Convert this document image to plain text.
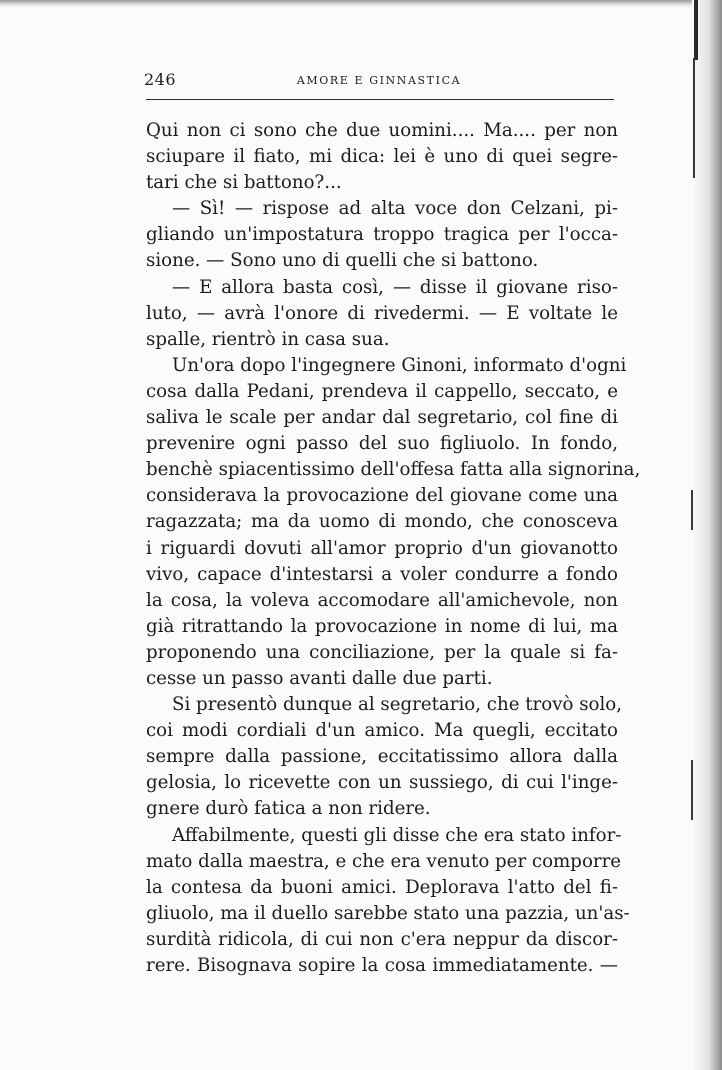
246	AMORE E GINNASTICA
Qui non ci sono che due uomini.... Ma.... per non
sciupare il fiato, mi dica: lei è uno di quei segre-
tari che si battono?...
— Sì! — rispose ad alta voce don Celzani, pi-
gliando un'impostatura troppo tragica per l'occa-
sione. — Sono uno di quelli che si battono.
— E allora basta così, — disse il giovane riso-
luto, — avrà l'onore di rivedermi. — E voltate le
spalle, rientrò in casa sua.
Un'ora dopo l'ingegnere Ginoni, informato d'ogni
cosa dalla Pedani, prendeva il cappello, seccato, e
saliva le scale per andar dal segretario, col fine di
prevenire ogni passo del suo figliuolo. In fondo,
benchè spiacentissimo dell'offesa fatta alla signorina,
considerava la provocazione del giovane come una
ragazzata; ma da uomo di mondo, che conosceva
i riguardi dovuti all'amor proprio d'un giovanotto
vivo, capace d'intestarsi a voler condurre a fondo
la cosa, la voleva accomodare all'amichevole, non
già ritrattando la provocazione in nome di lui, ma
proponendo una conciliazione, per la quale si fa-
cesse un passo avanti dalle due parti.
Si presentò dunque al segretario, che trovò solo,
coi modi cordiali d'un amico. Ma quegli, eccitato
sempre dalla passione, eccitatissimo allora dalla
gelosia, lo ricevette con un sussiego, di cui l'inge-
gnere durò fatica a non ridere.
Affabilmente, questi gli disse che era stato infor-
mato dalla maestra, e che era venuto per comporre
la contesa da buoni amici. Deplorava l'atto del fi-
gliuolo, ma il duello sarebbe stato una pazzia, un'as-
surdità ridicola, di cui non c'era neppur da discor-
rere. Bisognava sopire la cosa immediatamente. —
